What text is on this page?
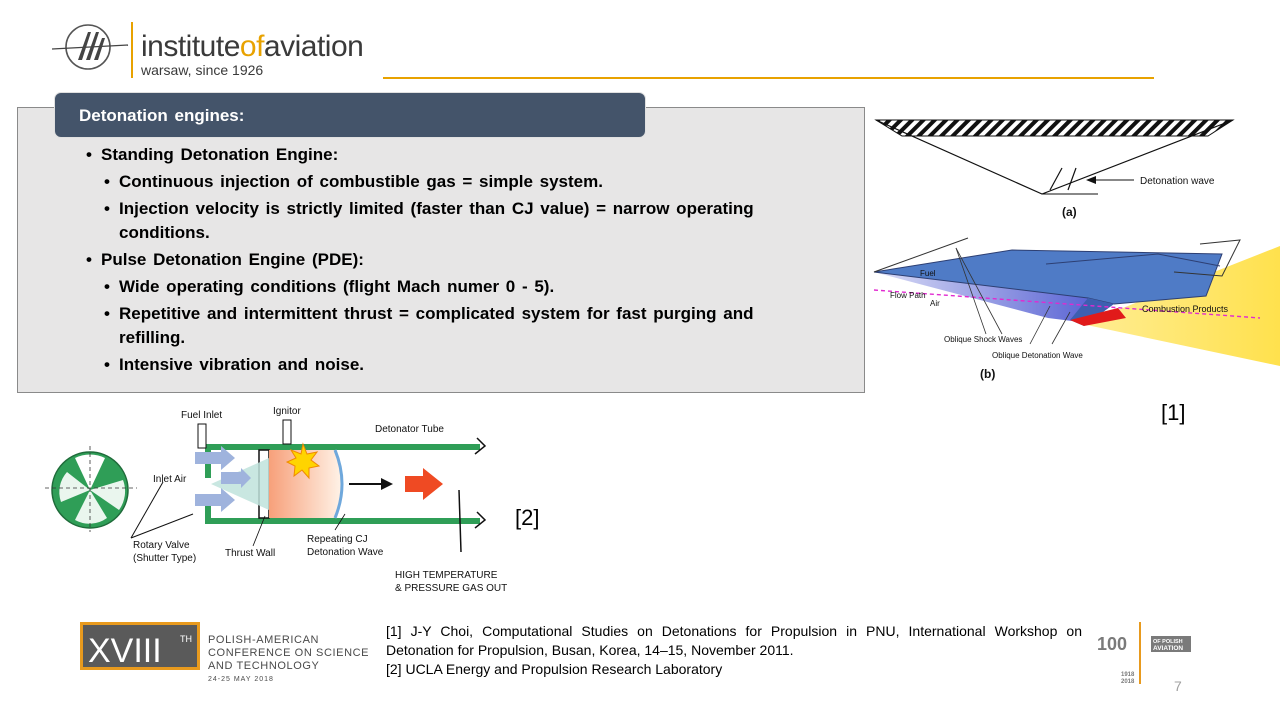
instituteofaviation
warsaw, since 1926
Detonation engines:
• Standing Detonation Engine:
• Continuous injection of combustible gas = simple system.
• Injection velocity is strictly limited (faster than CJ value) = narrow operating conditions.
• Pulse Detonation Engine (PDE):
• Wide operating conditions (flight Mach numer 0 - 5).
• Repetitive and intermittent thrust = complicated system for fast purging and refilling.
• Intensive vibration and noise.
Detonation wave
(a)
Fuel
Air
Flow Path
Combustion Products
Oblique Shock Waves
Oblique Detonation Wave
(b)
[1]
Fuel Inlet	Ignitor
Detonator Tube
Inlet Air
Rotary Valve
(Shutter Type)	Thrust Wall
Repeating CJ
Detonation Wave
HIGH TEMPERATURE
& PRESSURE GAS OUT
[2]
XVIII TH POLISH-AMERICAN
CONFERENCE ON SCIENCE
AND TECHNOLOGY
24-25 MAY 2018

[1] J-Y Choi, Computational Studies on Detonations for Propulsion in PNU, International Workshop on Detonation for Propulsion, Busan, Korea, 14–15, November 2011.

[2] UCLA Energy and Propulsion Research Laboratory

100	OF POLISH
AVIATION
1918
2018	7
